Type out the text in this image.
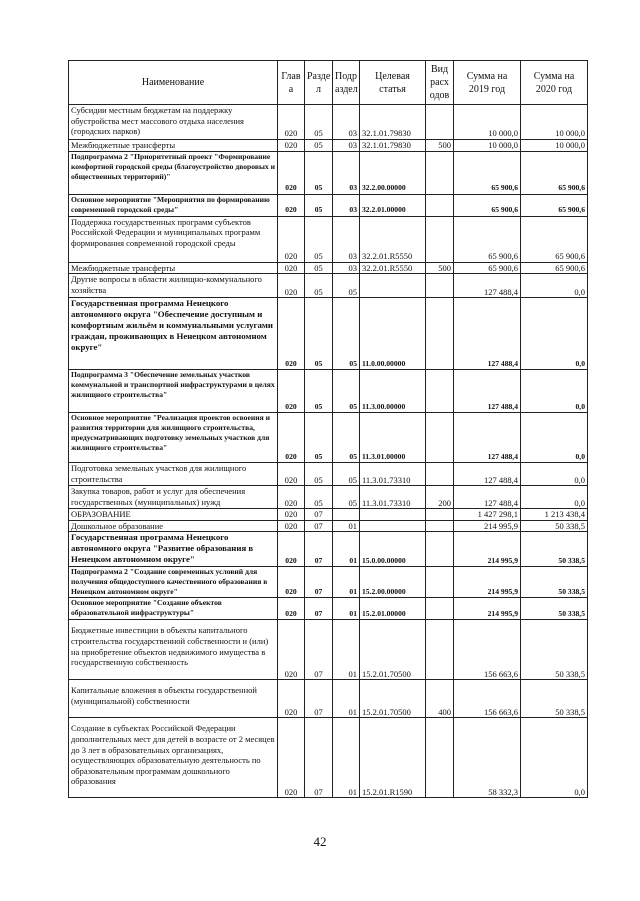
Наименование	Глав а	Разде л	Подр аздел	Целевая статья	Вид расх одов	Сумма на 2019 год	Сумма на 2020 год
Субсидии местным бюджетам на поддержку обустройства мест массового отдыха населения (городских парков)	020	05	03	32.1.01.79830		10 000,0	10 000,0
Межбюджетные трансферты	020	05	03	32.1.01.79830	500	10 000,0	10 000,0
Подпрограмма 2 "Приоритетный проект "Формирование комфортной городской среды (благоустройство дворовых и общественных территорий)"	020	05	03	32.2.00.00000		65 900,6	65 900,6
Основное мероприятие "Мероприятия по формированию современной городской среды"	020	05	03	32.2.01.00000		65 900,6	65 900,6
Поддержка государственных программ субъектов Российской Федерации и муниципальных программ формирования современной городской среды	020	05	03	32.2.01.R5550		65 900,6	65 900,6
Межбюджетные трансферты	020	05	03	32.2.01.R5550	500	65 900,6	65 900,6
Другие вопросы в области жилищно-коммунального хозяйства	020	05	05			127 488,4	0,0
Государственная программа Ненецкого автономного округа "Обеспечение доступным и комфортным жильём и коммунальными услугами граждан, проживающих в Ненецком автономном округе"	020	05	05	11.0.00.00000		127 488,4	0,0
Подпрограмма 3 "Обеспечение земельных участков коммунальной и транспортной инфраструктурами в целях жилищного строительства"	020	05	05	11.3.00.00000		127 488,4	0,0
Основное мероприятие "Реализация проектов освоения и развития территории для жилищного строительства, предусматривающих подготовку земельных участков для жилищного строительства"	020	05	05	11.3.01.00000		127 488,4	0,0
Подготовка земельных участков для жилищного строительства	020	05	05	11.3.01.73310		127 488,4	0,0
Закупка товаров, работ и услуг для обеспечения государственных (муниципальных) нужд	020	05	05	11.3.01.73310	200	127 488,4	0,0
ОБРАЗОВАНИЕ	020	07				1 427 298,1	1 213 438,4
Дошкольное образование	020	07	01			214 995,9	50 338,5
Государственная программа Ненецкого автономного округа "Развитие образования в Ненецком автономном округе"	020	07	01	15.0.00.00000		214 995,9	50 338,5
Подпрограмма 2 "Создание современных условий для получения общедоступного качественного образования в Ненецком автономном округе"	020	07	01	15.2.00.00000		214 995,9	50 338,5
Основное мероприятие "Создание объектов образовательной инфраструктуры"	020	07	01	15.2.01.00000		214 995,9	50 338,5
Бюджетные инвестиции в объекты капитального строительства государственной собственности и (или) на приобретение объектов недвижимого имущества в государственную собственность	020	07	01	15.2.01.70500		156 663,6	50 338,5
Капитальные вложения в объекты государственной (муниципальной) собственности	020	07	01	15.2.01.70500	400	156 663,6	50 338,5
Создание в субъектах Российской Федерации дополнительных мест для детей в возрасте от 2 месяцев до 3 лет в образовательных организациях, осуществляющих образовательную деятельность по образовательным программам дошкольного образования	020	07	01	15.2.01.R1590		58 332,3	0,0
42
